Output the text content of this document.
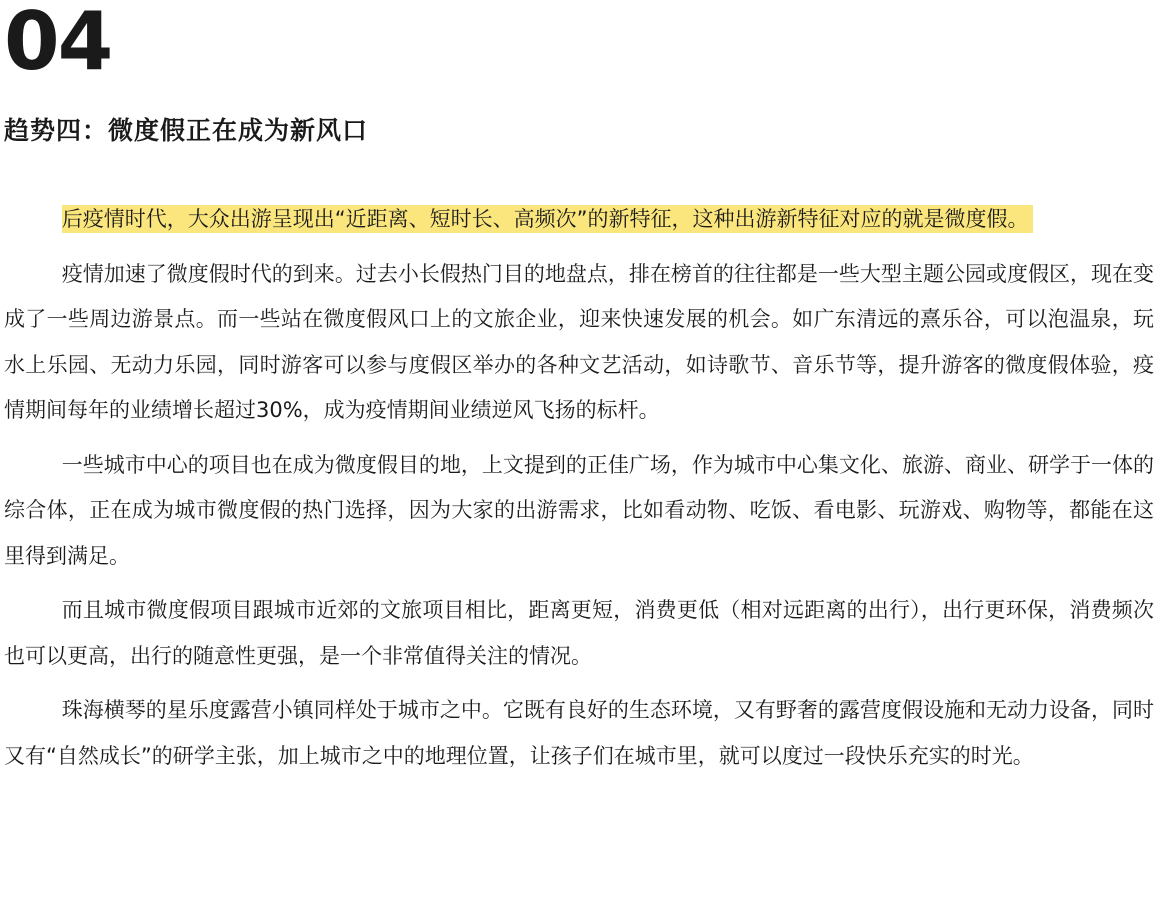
04
趋势四：微度假正在成为新风口

后疫情时代，大众出游呈现出“近距离、短时长、高频次”的新特征，这种出游新特征对应的就是微度假。

疫情加速了微度假时代的到来。过去小长假热门目的地盘点，排在榜首的往往都是一些大型主题公园或度假区，现在变成了一些周边游景点。而一些站在微度假风口上的文旅企业，迎来快速发展的机会。如广东清远的熹乐谷，可以泡温泉，玩水上乐园、无动力乐园，同时游客可以参与度假区举办的各种文艺活动，如诗歌节、音乐节等，提升游客的微度假体验，疫情期间每年的业绩增长超过30%，成为疫情期间业绩逆风飞扬的标杆。

一些城市中心的项目也在成为微度假目的地，上文提到的正佳广场，作为城市中心集文化、旅游、商业、研学于一体的综合体，正在成为城市微度假的热门选择，因为大家的出游需求，比如看动物、吃饭、看电影、玩游戏、购物等，都能在这里得到满足。

而且城市微度假项目跟城市近郊的文旅项目相比，距离更短，消费更低（相对远距离的出行），出行更环保，消费频次也可以更高，出行的随意性更强，是一个非常值得关注的情况。

珠海横琴的星乐度露营小镇同样处于城市之中。它既有良好的生态环境，又有野奢的露营度假设施和无动力设备，同时又有“自然成长”的研学主张，加上城市之中的地理位置，让孩子们在城市里，就可以度过一段快乐充实的时光。
